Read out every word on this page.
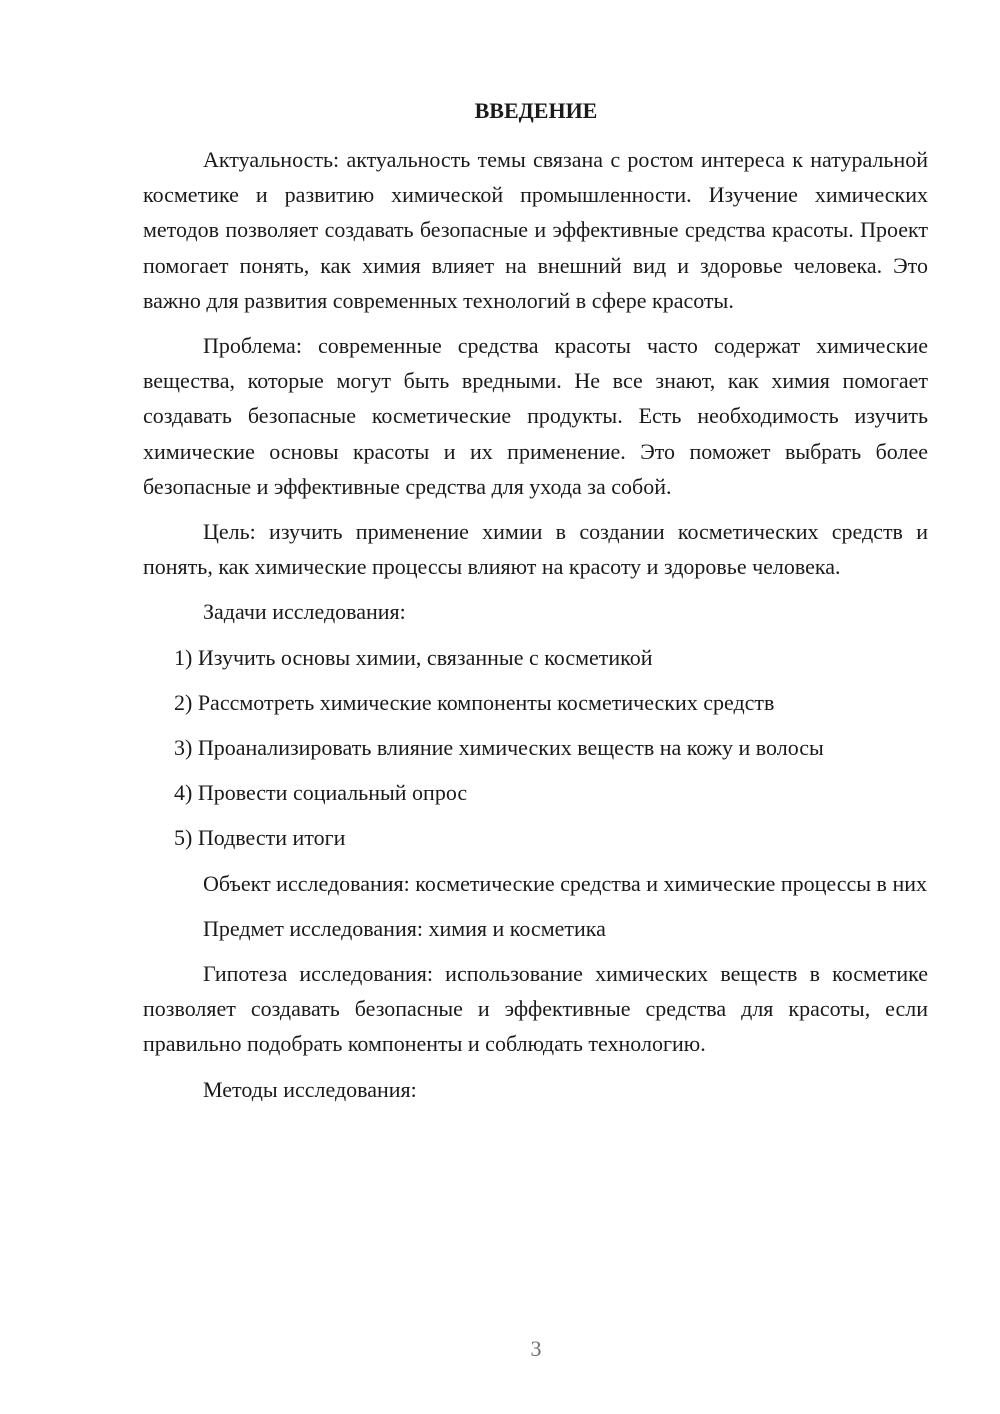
ВВЕДЕНИЕ

Актуальность: актуальность темы связана с ростом интереса к натуральной косметике и развитию химической промышленности. Изучение химических методов позволяет создавать безопасные и эффективные средства красоты. Проект помогает понять, как химия влияет на внешний вид и здоровье человека. Это важно для развития современных технологий в сфере красоты.

Проблема: современные средства красоты часто содержат химические вещества, которые могут быть вредными. Не все знают, как химия помогает создавать безопасные косметические продукты. Есть необходимость изучить химические основы красоты и их применение. Это поможет выбрать более безопасные и эффективные средства для ухода за собой.

Цель: изучить применение химии в создании косметических средств и понять, как химические процессы влияют на красоту и здоровье человека.

Задачи исследования:

1) Изучить основы химии, связанные с косметикой
2) Рассмотреть химические компоненты косметических средств
3) Проанализировать влияние химических веществ на кожу и волосы
4) Провести социальный опрос
5) Подвести итоги

Объект исследования: косметические средства и химические процессы в них

Предмет исследования: химия и косметика

Гипотеза исследования: использование химических веществ в косметике позволяет создавать безопасные и эффективные средства для красоты, если правильно подобрать компоненты и соблюдать технологию.

Методы исследования:

3
